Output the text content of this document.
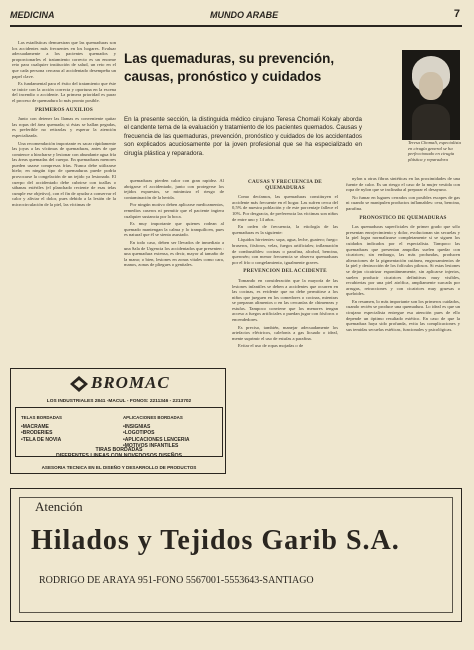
MEDICINA	MUNDO ARABE	7

Las estadísticas demuestran que las quemaduras son los accidentes más frecuentes en los hogares. Evaluar adecuadamente a los pacientes quemados y proporcionarles el tratamiento correcto es un enorme reto para cualquier institución de salud, un reto en el que cada persona cercana al accidentado desempeña un papel clave.

Es fundamental para el éxito del tratamiento que éste se inicie con la acción correcta y oportuna en la escena del incendio o accidente. La primera prioridad es parar el proceso de quemadura lo más pronto posible.

PRIMEROS AUXILIOS

Junto con detener las llamas es conveniente quitar las ropas del área quemada; si éstas se hallan pegadas, es preferible no retirarlas y esperar la atención especializada.

Una recomendación importante es sacar rápidamente las joyas a las víctimas de quemaduras, antes de que comience a hincharse y lesionar con abundante agua fría las áreas quemadas del cuerpo. En quemaduras menores pueden usarse compresas frías. Nunca debe utilizarse hielo; en ningún tipo de quemaduras puede podría provocarse la congelación de un tejido ya lesionado. El cuerpo del accidentado debe cubrirse con toallas o sábanas estériles (el planchado reciente de esas telas cumple ese objetivo), con el fin de ayudar a conservar el calor y aliviar el dolor, pues debido a la lesión de la microcirculación de la piel, las víctimas de

Las quemaduras, su prevención, causas, pronóstico y cuidados
En la presente sección, la distinguida médico cirujano Teresa Chomali Kokaly aborda el candente tema de la evaluación y tratamiento de los pacientes quemados. Causas y frecuencia de las quemaduras, prevención, pronóstico y cuidados de los accidentados son explicados acuciosamente por la joven profesional que se ha especializado en cirugía plástica y reparadora.
Teresa Chomali, especialista en cirugía general se ha perfeccionado en cirugía plástica y reparadora

quemaduras pierden calor con gran rapidez. Al abrigarse el accidentado, junto con protegerse los tejidos expuestos, se minimiza el riesgo de contaminación de la herida.

Por ningún motivo deben aplicarse medicamentos, remedios caseros ni permitir que el paciente ingiera cualquier sustancia por la boca.

Es muy importante que quienes rodean al quemado mantengan la calma y lo tranquilicen, pues es natural que él se sienta asustado.

En todo caso, deben ser llevados de inmediato a una Sala de Urgencia los accidentados que presenten : una quemadura extensa, es decir, mayor al tamaño de la mano; o bien, lesiones en zonas vitales como cara, manos, zonas de pliegues o genitales.

CAUSAS Y FRECUENCIA DE QUEMADURAS

Como decíamos, las quemaduras constituyen el accidente más frecuente en el hogar. Las sufren cerca del 0,5% de nuestra población y de este porcentaje fallece el 10%. Por desgracia, de preferencia las víctimas son niños de entre uno y 14 años.

En orden de frecuencia, la etiología de las quemaduras es la siguiente:

Líquidos hirvientes: sopa, agua, leche, guatero; fuego: braseros, fósforos, velas, fuegos artificiales; inflamación de combustibles: cocinas o parafina, alcohol, bencina, querosén; con menor frecuencia se observa quemaduras por el frío o congelamiento, igualmente graves.

PREVENCION DEL ACCIDENTE

Tomando en consideración que la mayoría de las lesiones infantiles se deben a accidentes que ocurren en las cocinas, es evidente que no debe permitirse a los niños que jueguen en los comedores o cocinas, mientras se preparan alimentos o en las cercanías de chimeneas y estufas. Tampoco conviene que los menores tengan acceso a fuegos artificiales o puedan jugar con fósforos o encendedores.

Es preciso, también, manejar adecuadamente los artefactos eléctricos, calefonts a gas licuado o ideal, mente suprimir el uso de estufas a parafina.

Evitar el uso de ropas mojadas o de

nylon u otras fibras sintéticas en las proximidades de una fuente de calor. Es un riesgo el caso de la mujer vestida con ropa de nylon que se inclinaba al preparar el desayuno.

No fumar en lugares cerrados con posibles escapes de gas ni cuando se manipulen productos inflamables: cera, bencina, parafina.

PRONOSTICO DE QUEMADURAS

Las quemaduras superficiales de primer grado que sólo presentan enrojecimiento y dolor, evolucionan sin secuelas y la piel logra normalizarse completamente si se siguen los cuidados indicados por el especialista. Tampoco las quemaduras que presentan ampollas suelen quedar con cicatrices; sin embargo, las más profundas, producen alteraciones de la pigmentación cutánea, engrosamientos de la piel y destrucción de los folículos pilosos. Si estas lesiones se dejan cicatrizar espontáneamente, sin aplicarse injertos, suelen producir cicatrices definitivas muy visibles, recubiertas por una piel atrófica, ampliamente surcada por arrugas, retracciones y con cicatrices muy gruesas o queloides.

En resumen, lo más importante son los primeros cuidados, cuando recién se produce una quemadura. Lo ideal es que un cirujano especialista entregue esa atención pues de ello depende un óptimo resultado estético. En caso de que la quemadura haya sido profunda, evita las complicaciones y sus temidas secuelas estéticas, funcionales y psicológicas.

BROMAC
LOS INDUSTRIALES 2841 -MACUL - FONOS: 2211346 - 2213702
TELAS BORDADAS
•MACRAME
•BRODERIES
•TELA DE NOVIA
APLICACIONES BORDADAS
•INSIGNIAS
•LOGOTIPOS
•APLICACIONES LENCERIA
•MOTIVOS INFANTILES
TIRAS BORDADAS
DIFERENTES LINEAS CON NOVEDOSOS DISEÑOS
ASESORIA TECNICA EN EL DISEÑO Y DESARROLLO DE PRODUCTOS
Atención
Hilados y Tejidos Garib S.A.
RODRIGO DE ARAYA 951-FONO 5567001-5553643-SANTIAGO
